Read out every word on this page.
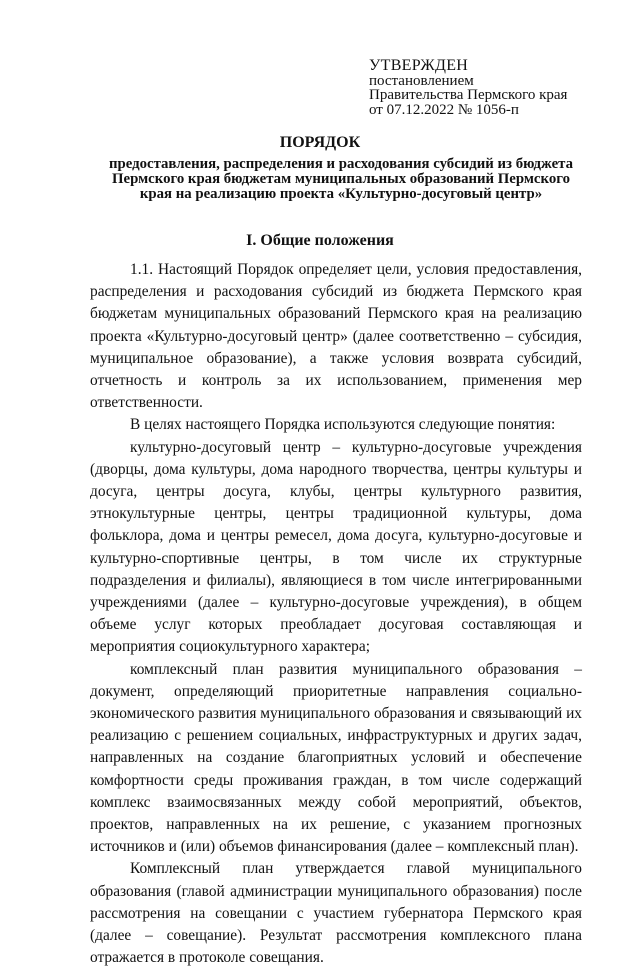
УТВЕРЖДЕН
постановлением
Правительства Пермского края
от 07.12.2022 № 1056-п
ПОРЯДОК
предоставления, распределения и расходования субсидий из бюджета Пермского края бюджетам муниципальных образований Пермского края на реализацию проекта «Культурно-досуговый центр»
I. Общие положения

1.1. Настоящий Порядок определяет цели, условия предоставления, распределения и расходования субсидий из бюджета Пермского края бюджетам муниципальных образований Пермского края на реализацию проекта «Культурно-досуговый центр» (далее соответственно – субсидия, муниципальное образование), а также условия возврата субсидий, отчетность и контроль за их использованием, применения мер ответственности.

В целях настоящего Порядка используются следующие понятия:

культурно-досуговый центр – культурно-досуговые учреждения (дворцы, дома культуры, дома народного творчества, центры культуры и досуга, центры досуга, клубы, центры культурного развития, этнокультурные центры, центры традиционной культуры, дома фольклора, дома и центры ремесел, дома досуга, культурно-досуговые и культурно-спортивные центры, в том числе их структурные подразделения и филиалы), являющиеся в том числе интегрированными учреждениями (далее – культурно-досуговые учреждения), в общем объеме услуг которых преобладает досуговая составляющая и мероприятия социокультурного характера;

комплексный план развития муниципального образования – документ, определяющий приоритетные направления социально-экономического развития муниципального образования и связывающий их реализацию с решением социальных, инфраструктурных и других задач, направленных на создание благоприятных условий и обеспечение комфортности среды проживания граждан, в том числе содержащий комплекс взаимосвязанных между собой мероприятий, объектов, проектов, направленных на их решение, с указанием прогнозных источников и (или) объемов финансирования (далее – комплексный план).

Комплексный план утверждается главой муниципального образования (главой администрации муниципального образования) после рассмотрения на совещании с участием губернатора Пермского края (далее – совещание). Результат рассмотрения комплексного плана отражается в протоколе совещания.
